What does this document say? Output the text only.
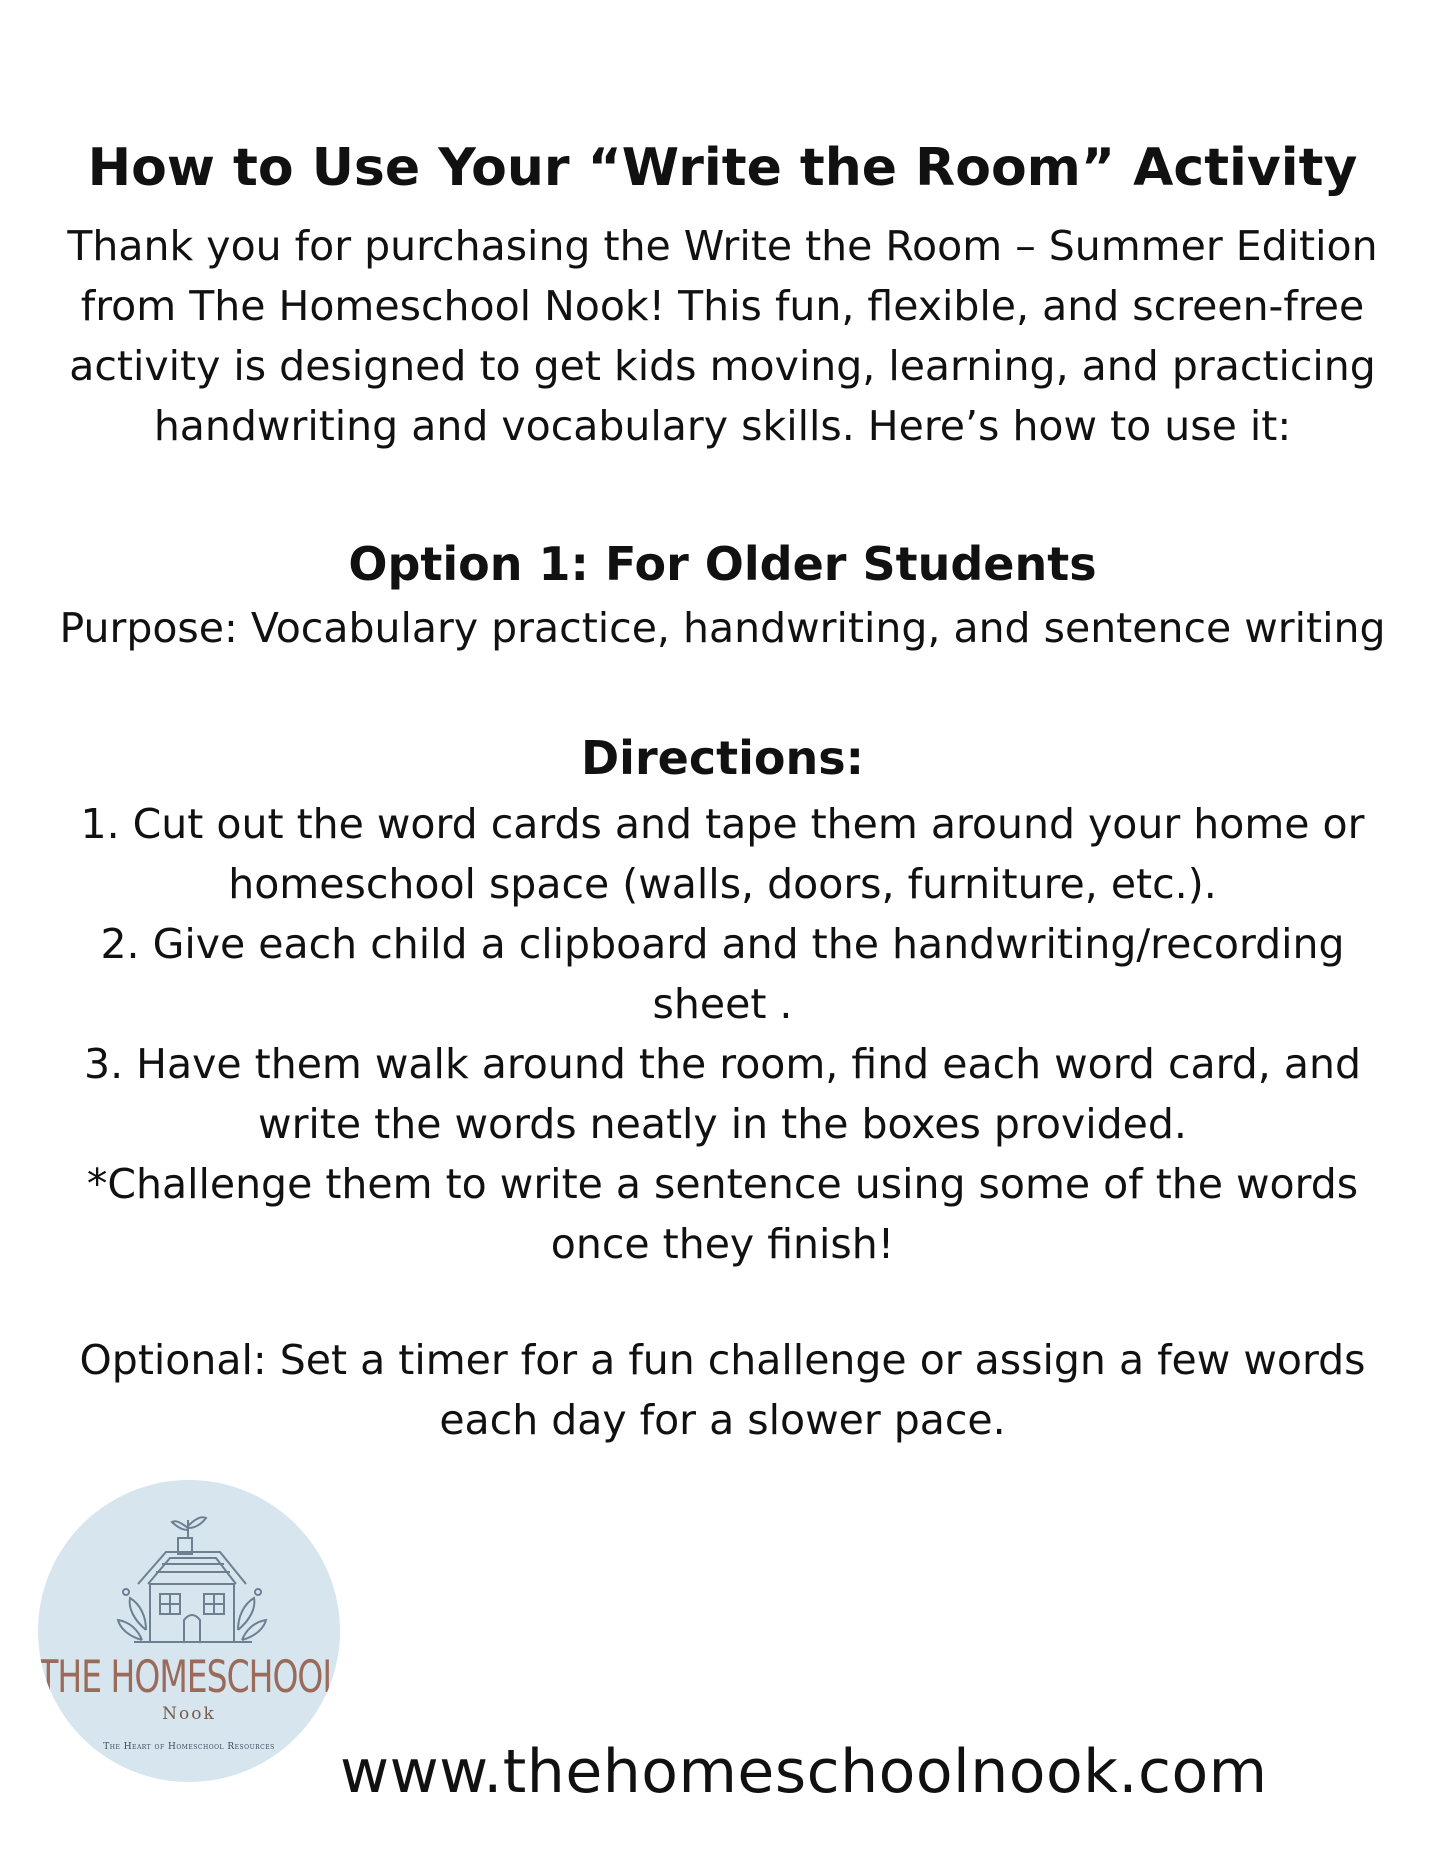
How to Use Your “Write the Room” Activity

Thank you for purchasing the Write the Room – Summer Edition from The Homeschool Nook! This fun, flexible, and screen-free activity is designed to get kids moving, learning, and practicing handwriting and vocabulary skills. Here’s how to use it:

Option 1: For Older Students

Purpose: Vocabulary practice, handwriting, and sentence writing

Directions:

1. Cut out the word cards and tape them around your home or homeschool space (walls, doors, furniture, etc.).

2. Give each child a clipboard and the handwriting/recording sheet .

3. Have them walk around the room, find each word card, and write the words neatly in the boxes provided.

*Challenge them to write a sentence using some of the words once they finish!

Optional: Set a timer for a fun challenge or assign a few words each day for a slower pace.

THE HOMESCHOOL
Nook
The Heart of Homeschool Resources	www.thehomeschoolnook.com
